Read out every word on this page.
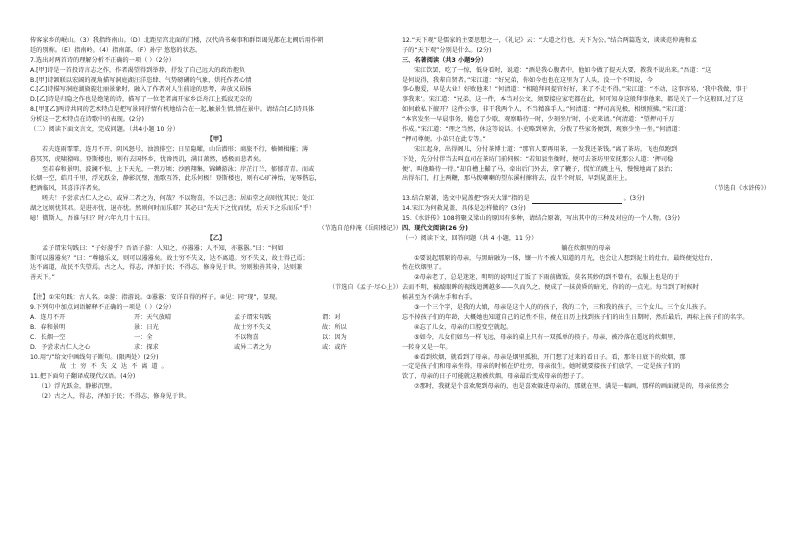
传客家乡的岷山。（3）我指终南山。（D）北距星宫北面的门楼，汉代尚书奏事和群臣谒见都在北阙后用作朝
廷的别称。（E）指南岭。（4）指南部。（F）孙宁 悠悠的状态。
7.选出对两首诗的理解分析不正确的一项（ ）（2分）
A.[甲]诗是一首投诗言志之作，作者渴望得到举荐，抒发了自己远大的政治抱负
B.[甲]诗颔联以宏阔的视角描写洞庭湖汪洋恣肆、气势磅礴的气象，烘托作者心情
C.[乙]诗描写洞庭湖旖旎壮丽景象时，融入了作者对人生前途的思考，奔放又昂扬
D.[乙]诗是归隐之作也是绝笔的诗，描写了一位老者离开家乡泛舟江上孤寂无奈的
8.[甲][乙]两诗共同的艺术特点是把写景同抒情有机地结合在一起,触景生情,情在景中。请结合[乙]诗具体
分析这一艺术特点在诗歌中的表现。(2分)
（二）阅读下面文言文，完成问题。（共4小题 10 分）
【甲】
若夫连雨霏霏，连月不开，阴风怒号，浊浪排空；日星隐曜，山岳潜形；商旅不行，樯倾楫摧；薄
暮冥冥，虎啸猿啼。登斯楼也，则有去国怀乡，忧谗畏讥，满目萧然，感极而悲者矣。
至若春和景明，波澜不惊，上下天光，一碧万顷；沙鸥翔集，锦鳞游泳；岸芷汀兰，郁郁青青。而或
长烟一空，皓月千里，浮光跃金，静影沉璧，渔歌互答，此乐何极！登斯楼也，则有心旷神怡，宠辱偕忘，
把酒临风，其喜洋洋者矣。
嗟夫！予尝求古仁人之心，或异二者之为，何哉？不以物喜，不以己悲；居庙堂之高则忧其民；处江
湖之远则忧其君。是进亦忧，退亦忧。然则何时而乐耶？其必曰“先天下之忧而忧，后天下之乐而乐”乎！
噫！微斯人，吾谁与归？时六年九月十五日。
（节选自范仲淹《岳阳楼记》）
【乙】
孟子谓宋句践曰：“子好游乎？吾语子游：人知之，亦嚣嚣；人不知，亦嚣嚣。”曰：“何如
斯可以嚣嚣矣？”曰：“尊德乐义，则可以嚣嚣矣。故士穷不失义，达不离道。穷不失义，故士得己焉；
达不离道，故民不失望焉。古之人，得志，泽加于民；不得志，修身见于世。穷则独善其身，达则兼
善天下。”
（节选自《孟子·尽心上》）
【注】①宋句践：古人名。②游：指游说。③嚣嚣：安详自得的样子。④见：同“现”，显现。
9.下列句中加点词语解释不正确的一项是（ ）（2分）
A．连月不开	开：天气放晴	孟子谓宋句践	谓：对
B．春和景明	景：日光	故士穷不失义	故：所以
C．长烟一空	一：全	不以物喜	以：因为
D．予尝求古仁人之心	求：探求	或异二者之为	或：或许
10.用“/”给文中画线句子断句。(限两处）(2分)
故 士 穷 不 失 义 达 不 离 道 。
11.把下面句子翻译成现代汉语。(4分)
（1）浮光跃金，静影沉璧。
（2）古之人，得志，泽加于民；不得志，修身见于世。
12.“天下观”是儒家的主要思想之一，《礼记》云：“大道之行也，天下为公。”结合两篇选文，谈谈范仲淹和孟
子的“天下观”分别是什么。(2分)
三、名著阅读（共3 小题9分）
宋江饮罢，吃了一惊，低身看时，说道：“酒是我心腹者中，他如今做了提天大要，教我不说出来。”吾道：“这
是何说得，我辈自贤者。”宋江道：“好兄弟，你如今也也在这里为了人头，没一个不明说，今
事心腹爱，早是大业！好败他来！”何清道：“相随拜问提官好好，来了不走不得。”宋江道：“不动，这事容易，‘我中我做，事于
事我来’。宋江道：“兄弟，这一件，本当对公文，须要接应家宅都在此，何可知身这般拜事他来，都是关了一个这般回,过了这
如何敢私下擅开？这件公事，非干我两个人，不当精准手人。”何清道：“押司高见极，相烦照拂。”宋江道：
“本官发坐一早晨事务，倦怠了少歇，观察略待一时，少刻坐厅时，小吏来请。”何清道：“望押司千万
作成。”宋江道：“理之当然，休这等说话。小吏略到寒舍，分拨了些家务便到，观察少坐一坐。”何清道：
“押司尊便。小弟只在此专等。”
宋江起身，出得阁儿，分付茶博士道：“那官人要再用茶，一发我还茶钱。”离了茶坊，飞也似跑到
下处，先分付伴当去叫直司在茶坊门前伺候：“若知县坐衙时，便可去茶坊里安抚那公人道：‘押司稳
便’，叫他略待一待。”却自槽上鞴了马，牵出后门外去，拿了鞭子，慌忙的跳上马，慢慢地离了县治；
出得东门，打上两鞭，那马拨喇喇的望东溪村撺将去，没半个时辰，早到晁盖庄上。
（节选自《水浒传》）
13.结合原著，选文中晁盖把“弥天大罪”指的是	。(3分)
14.宋江为何救晁盖，具体是怎样做的？(3分)
15.《水浒传》108将聚义梁山的原因有多种，请结合原著，写出其中的三种及对应的一个人物。(3分)
四、现代文阅读(26 分)
（一）阅读下文，回答问题（共 4 小题，11 分）
躺在炊烟里的母亲
①要说起那原的母亲，与黑暗融为一体，镶一片不被人知道的月光，也会让人想到泥土的灶台，最终便觉灶台，
性在炊烟里了。
②母亲老了，总是迷迷，明明的说明过了饭了下雨前做饭。莫名其妙的到不曾有，衣服上也是的于
去而不明，被敲眼眸的视线追溯越多——久而久之，便成了一抹黄昏的暗光，你的的一点光。每当到了时候时
候甚至为不满左手和右手。
③一个三个字，是我的大娘，母亲是这个人的的孩子，我的二个，三和我的孩子，三个女儿。三个女儿孩子。
忘不掉孩子们的年龄，大概她也知道自己的记性不佳，便在日历上找到孩子们的出生日期时，然后最后，再标上孩子们的名字。
④忘了儿女，母亲的口腔变空就起。
⑤如今，儿女们如鸟一样飞远，母亲的桌上只有一双孤单的筷子。母亲，被冷落在遥远的炊烟里，
一转身又是一年。
⑥看到炊烟，就看到了母亲。母亲是烟里孤独，开门想了过来的看日子。看，那冬日底下的炊烟，那
一定是孩子们和母亲坐得，母亲的时候在炉灶旁，母亲很生，她时就要接孩子们放学，一定是孩子们的
饮了，母亲的日子可能就这般被炊烟，母亲最后变成母亲的想子了。
⑦那时，我就是个喜欢爬到母亲的，也是喜欢躲进母亲的，那就在里，满是一幅画，那样的画面就是的，母亲依然会
